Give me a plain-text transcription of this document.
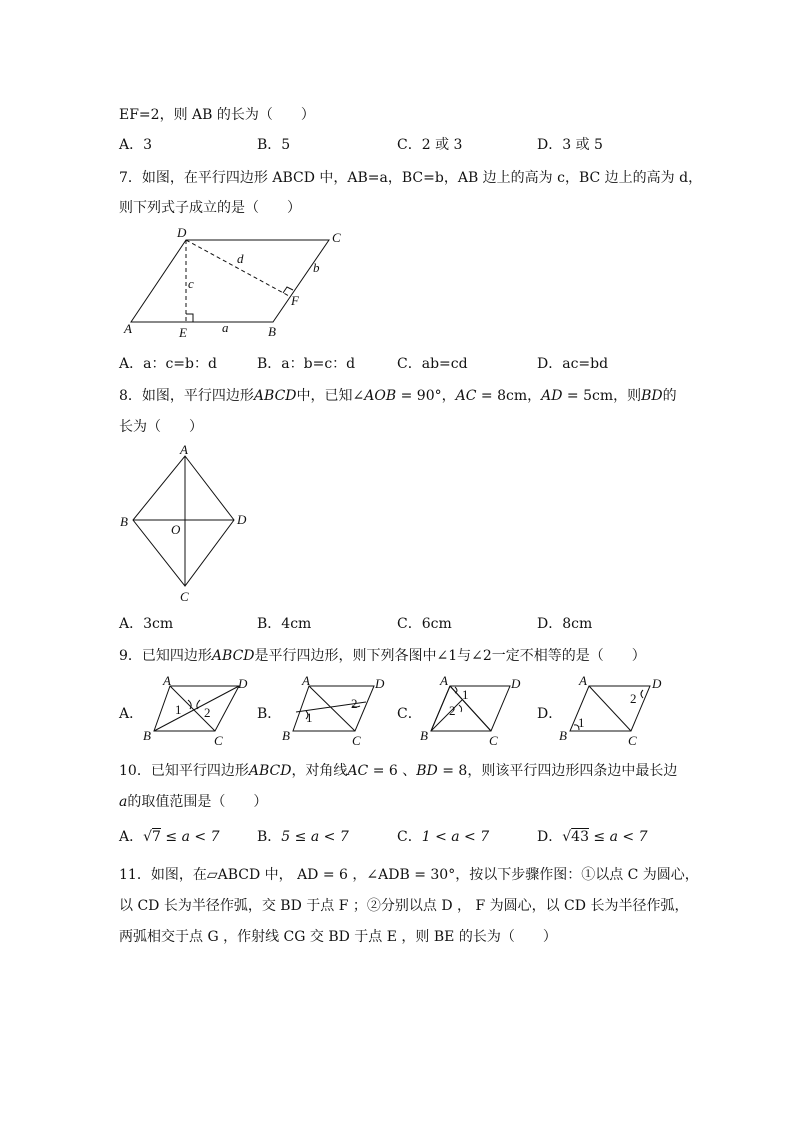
EF=2，则 AB 的长为（　　）
A．3	B．5	C．2 或 3	D．3 或 5
7．如图，在平行四边形 ABCD 中，AB=a，BC=b，AB 边上的高为 c，BC 边上的高为 d，
则下列式子成立的是（　　）
A	B
C
D
E
F
a
b
c
d
A．a：c=b：d	B．a：b=c：d	C．ab=cd	D．ac=bd
8．如图，平行四边形ABCD中，已知∠AOB = 90°，AC = 8cm，AD = 5cm，则BD的
长为（　　）
A
B
C
D
O
A．3cm	B．4cm	C．6cm	D．8cm
9．已知四边形ABCD是平行四边形，则下列各图中∠1与∠2一定不相等的是（　　）
A．	B．	C．	D．
A
B	C
D
1 2
A
B	C
D
1
2
A
B	C
D
1
2
A
B	C
D
1
2
10．已知平行四边形ABCD，对角线AC = 6 、BD = 8，则该平行四边形四条边中最长边
a的取值范围是（　　）
A．√7 ≤ a < 7	B．5 ≤ a < 7	C．1 < a < 7	D．√43 ≤ a < 7
11．如图，在▱ABCD 中， AD = 6 ，∠ADB = 30°，按以下步骤作图：①以点 C 为圆心，
以 CD 长为半径作弧，交 BD 于点 F ；②分别以点 D ， F 为圆心，以 CD 长为半径作弧，
两弧相交于点 G ，作射线 CG 交 BD 于点 E ，则 BE 的长为（　　）
